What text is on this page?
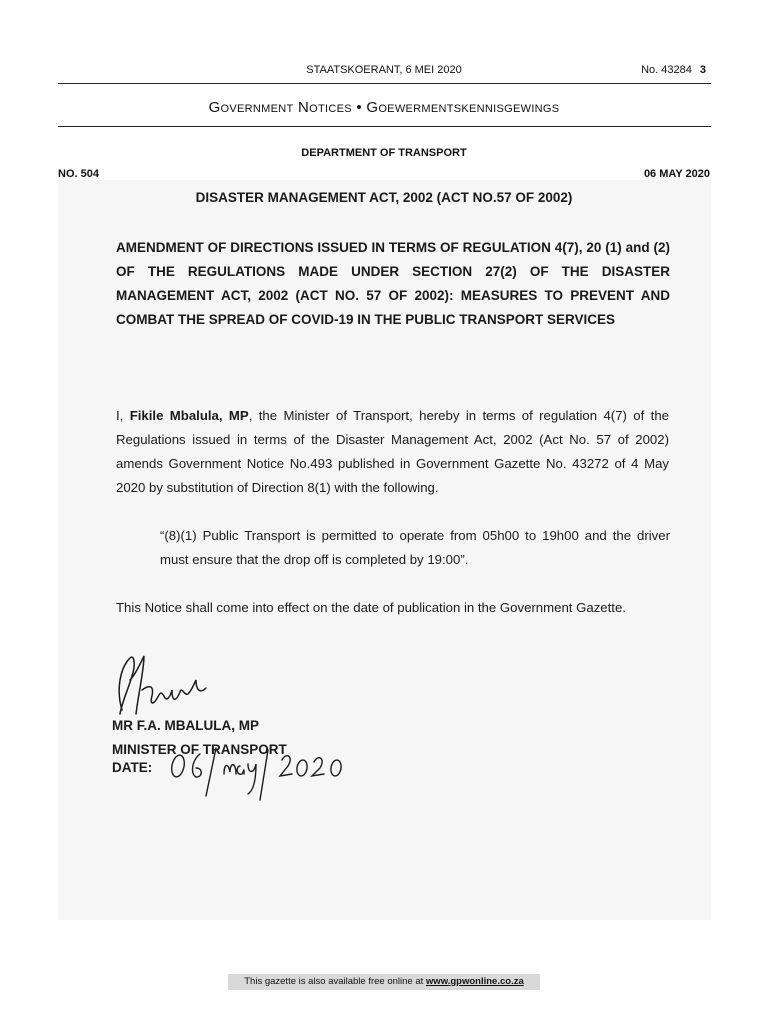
STAATSKOERANT, 6 MEI 2020	No. 43284 3
Government Notices • Goewermentskennisgewings
DEPARTMENT OF TRANSPORT
NO. 504	06 MAY 2020
DISASTER MANAGEMENT ACT, 2002 (ACT NO.57 OF 2002)
AMENDMENT OF DIRECTIONS ISSUED IN TERMS OF REGULATION 4(7), 20 (1) and (2) OF THE REGULATIONS MADE UNDER SECTION 27(2) OF THE DISASTER MANAGEMENT ACT, 2002 (ACT NO. 57 OF 2002): MEASURES TO PREVENT AND COMBAT THE SPREAD OF COVID-19 IN THE PUBLIC TRANSPORT SERVICES
I, Fikile Mbalula, MP, the Minister of Transport, hereby in terms of regulation 4(7) of the Regulations issued in terms of the Disaster Management Act, 2002 (Act No. 57 of 2002) amends Government Notice No.493 published in Government Gazette No. 43272 of 4 May 2020 by substitution of Direction 8(1) with the following.
“(8)(1) Public Transport is permitted to operate from 05h00 to 19h00 and the driver must ensure that the drop off is completed by 19:00”.
This Notice shall come into effect on the date of publication in the Government Gazette.
MR F.A. MBALULA, MP
MINISTER OF TRANSPORT
DATE:
This gazette is also available free online at www.gpwonline.co.za
